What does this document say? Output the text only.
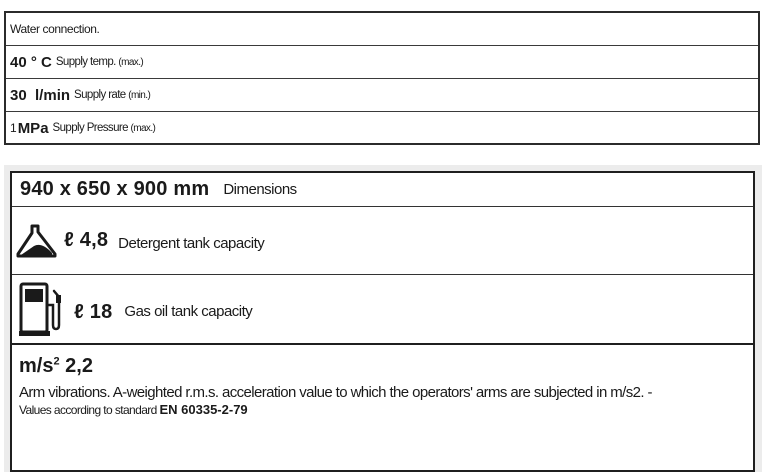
Water connection.
40 ° C Supply temp. (max.)
30  l/min Supply rate (min.)
1 MPa Supply Pressure (max.)
940 x 650 x 900 mm Dimensions
ℓ 4,8 Detergent tank capacity
ℓ 18 Gas oil tank capacity
$m/s^2$ 2,2
Arm vibrations. A-weighted r.m.s. acceleration value to which the operators' arms are subjected in m/s2. -
Values according to standard EN 60335-2-79
